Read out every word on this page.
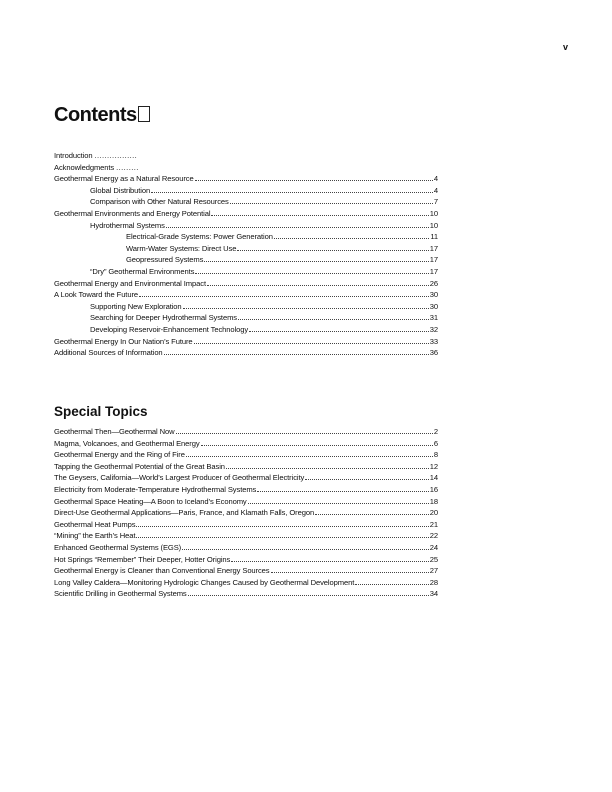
v
Contents
Introduction .................
Acknowledgments .........
Geothermal Energy as a Natural Resource	4
Global Distribution	4
Comparison with Other Natural Resources	7
Geothermal Environments and Energy Potential	10
Hydrothermal Systems	10
Electrical-Grade Systems: Power Generation	11
Warm-Water Systems: Direct Use	17
Geopressured Systems	17
“Dry” Geothermal Environments	17
Geothermal Energy and Environmental Impact	26
A Look Toward the Future	30
Supporting New Exploration	30
Searching for Deeper Hydrothermal Systems	31
Developing Reservoir-Enhancement Technology	32
Geothermal Energy In Our Nation’s Future	33
Additional Sources of Information	36
Special Topics
Geothermal Then—Geothermal Now	2
Magma, Volcanoes, and Geothermal Energy	6
Geothermal Energy and the Ring of Fire	8
Tapping the Geothermal Potential of the Great Basin	12
The Geysers, California—World’s Largest Producer of Geothermal Electricity	14
Electricity from Moderate-Temperature Hydrothermal Systems	16
Geothermal Space Heating—A Boon to Iceland’s Economy	18
Direct-Use Geothermal Applications—Paris, France, and Klamath Falls, Oregon	20
Geothermal Heat Pumps	21
“Mining” the Earth’s Heat	22
Enhanced Geothermal Systems (EGS)	24
Hot Springs “Remember” Their Deeper, Hotter Origins	25
Geothermal Energy is Cleaner than Conventional Energy Sources	27
Long Valley Caldera—Monitoring Hydrologic Changes Caused by Geothermal Development	28
Scientific Drilling in Geothermal Systems	34
